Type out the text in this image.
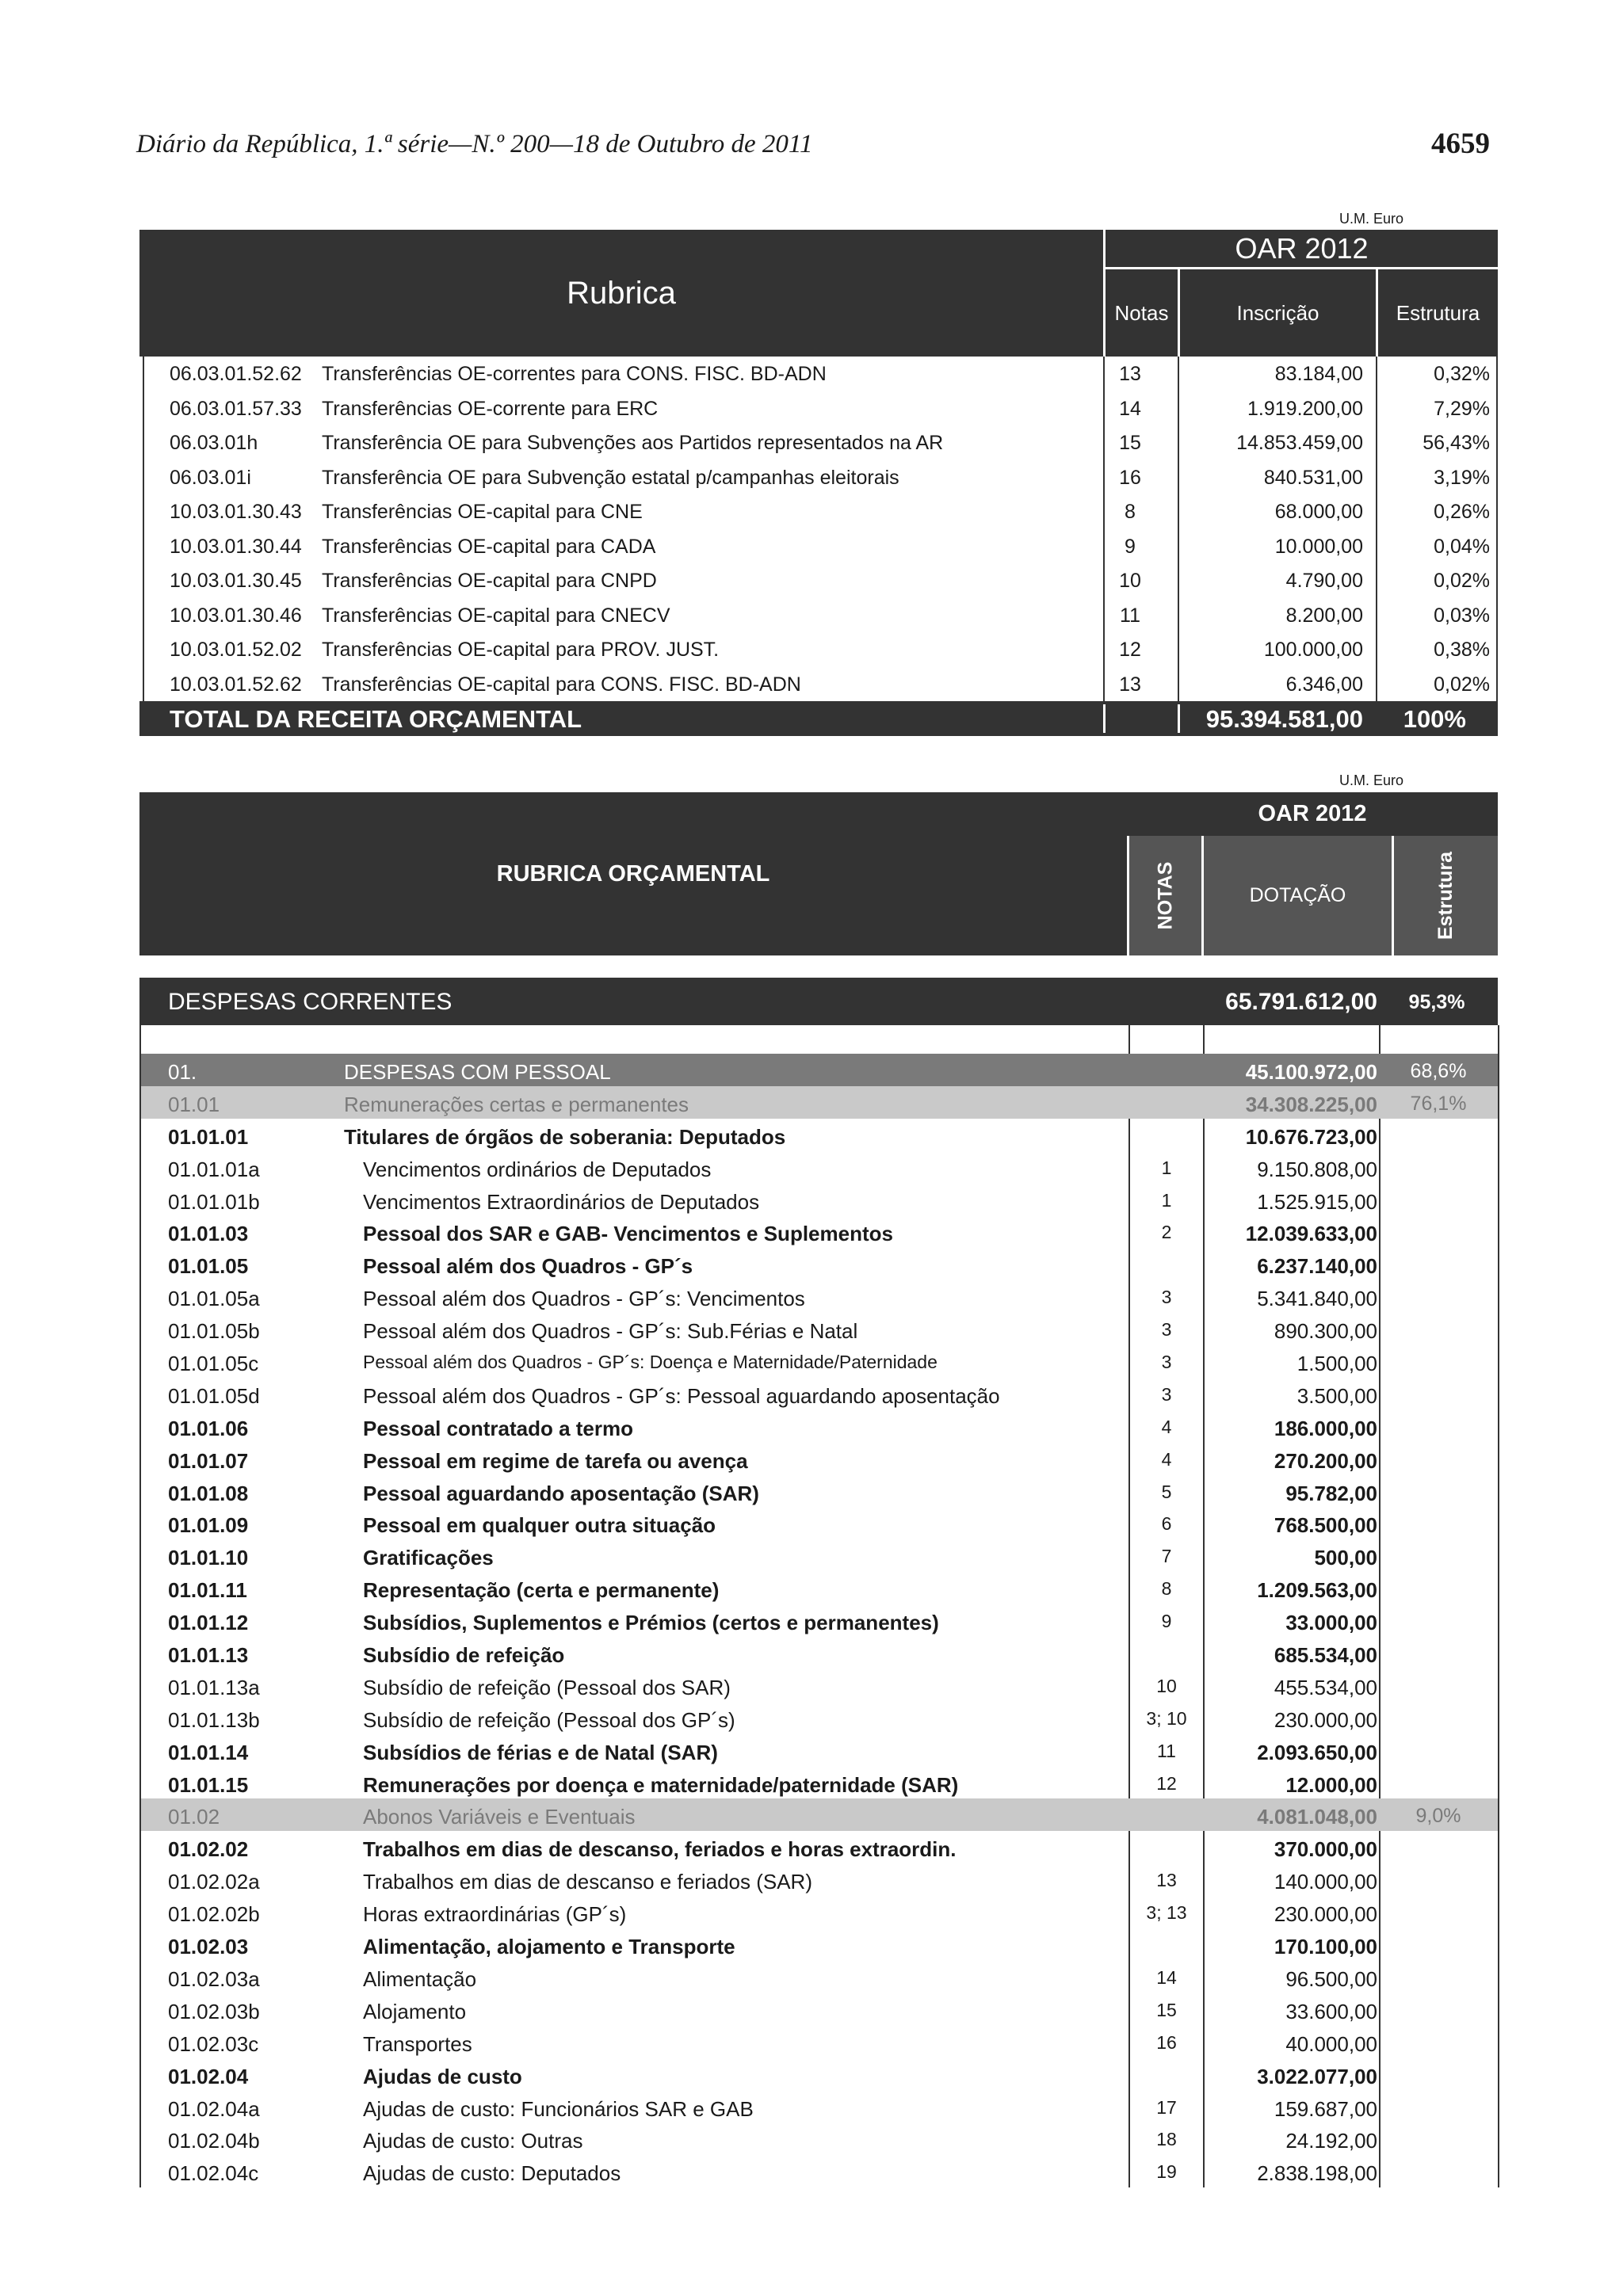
Diário da República, 1.ª série—N.º 200—18 de Outubro de 2011	4659
U.M. Euro
Rubrica
OAR 2012
Notas	Inscrição	Estrutura
06.03.01.52.62 Transferências OE-correntes para CONS. FISC. BD-ADN	13	83.184,00	0,32%
06.03.01.57.33 Transferências OE-corrente para ERC	14	1.919.200,00	7,29%
06.03.01h	Transferência OE para Subvenções aos Partidos representados na AR	15	14.853.459,00	56,43%
06.03.01i	Transferência OE para Subvenção estatal p/campanhas eleitorais	16	840.531,00	3,19%
10.03.01.30.43 Transferências OE-capital para CNE	8	68.000,00	0,26%
10.03.01.30.44 Transferências OE-capital para CADA	9	10.000,00	0,04%
10.03.01.30.45 Transferências OE-capital para CNPD	10	4.790,00	0,02%
10.03.01.30.46 Transferências OE-capital para CNECV	11	8.200,00	0,03%
10.03.01.52.02 Transferências OE-capital para PROV. JUST.	12	100.000,00	0,38%
10.03.01.52.62 Transferências OE-capital para CONS. FISC. BD-ADN	13	6.346,00	0,02%
TOTAL DA RECEITA ORÇAMENTAL	95.394.581,00 100%
U.M. Euro
RUBRICA ORÇAMENTAL
OAR 2012
NOTAS	DOTAÇÃO	Estrutura
DESPESAS CORRENTES	65.791.612,00	95,3%
01.	DESPESAS COM PESSOAL	45.100.972,00	68,6%
01.01	Remunerações certas e permanentes	34.308.225,00	76,1%
01.01.01	Titulares de órgãos de soberania: Deputados	10.676.723,00
01.01.01a	Vencimentos ordinários de Deputados	1	9.150.808,00
01.01.01b	Vencimentos Extraordinários de Deputados	1	1.525.915,00
01.01.03	Pessoal dos SAR e GAB- Vencimentos e Suplementos	2	12.039.633,00
01.01.05	Pessoal além dos Quadros - GP´s	6.237.140,00
01.01.05a	Pessoal além dos Quadros - GP´s: Vencimentos	3	5.341.840,00
01.01.05b	Pessoal além dos Quadros - GP´s: Sub.Férias e Natal	3	890.300,00
01.01.05c	Pessoal além dos Quadros - GP´s: Doença e Maternidade/Paternidade	3	1.500,00
01.01.05d	Pessoal além dos Quadros - GP´s: Pessoal aguardando aposentação	3	3.500,00
01.01.06	Pessoal contratado a termo	4	186.000,00
01.01.07	Pessoal em regime de tarefa ou avença	4	270.200,00
01.01.08	Pessoal aguardando aposentação (SAR)	5	95.782,00
01.01.09	Pessoal em qualquer outra situação	6	768.500,00
01.01.10	Gratificações	7	500,00
01.01.11	Representação (certa e permanente)	8	1.209.563,00
01.01.12	Subsídios, Suplementos e Prémios (certos e permanentes)	9	33.000,00
01.01.13	Subsídio de refeição	685.534,00
01.01.13a	Subsídio de refeição (Pessoal dos SAR)	10	455.534,00
01.01.13b	Subsídio de refeição (Pessoal dos GP´s)	3; 10	230.000,00
01.01.14	Subsídios de férias e de Natal (SAR)	11	2.093.650,00
01.01.15	Remunerações por doença e maternidade/paternidade (SAR)	12	12.000,00
01.02	Abonos Variáveis e Eventuais	4.081.048,00	9,0%
01.02.02	Trabalhos em dias de descanso, feriados e horas extraordin.	370.000,00
01.02.02a	Trabalhos em dias de descanso e feriados (SAR)	13	140.000,00
01.02.02b	Horas extraordinárias (GP´s)	3; 13	230.000,00
01.02.03	Alimentação, alojamento e Transporte	170.100,00
01.02.03a	Alimentação	14	96.500,00
01.02.03b	Alojamento	15	33.600,00
01.02.03c	Transportes	16	40.000,00
01.02.04	Ajudas de custo	3.022.077,00
01.02.04a	Ajudas de custo: Funcionários SAR e GAB	17	159.687,00
01.02.04b	Ajudas de custo: Outras	18	24.192,00
01.02.04c	Ajudas de custo: Deputados	19	2.838.198,00
